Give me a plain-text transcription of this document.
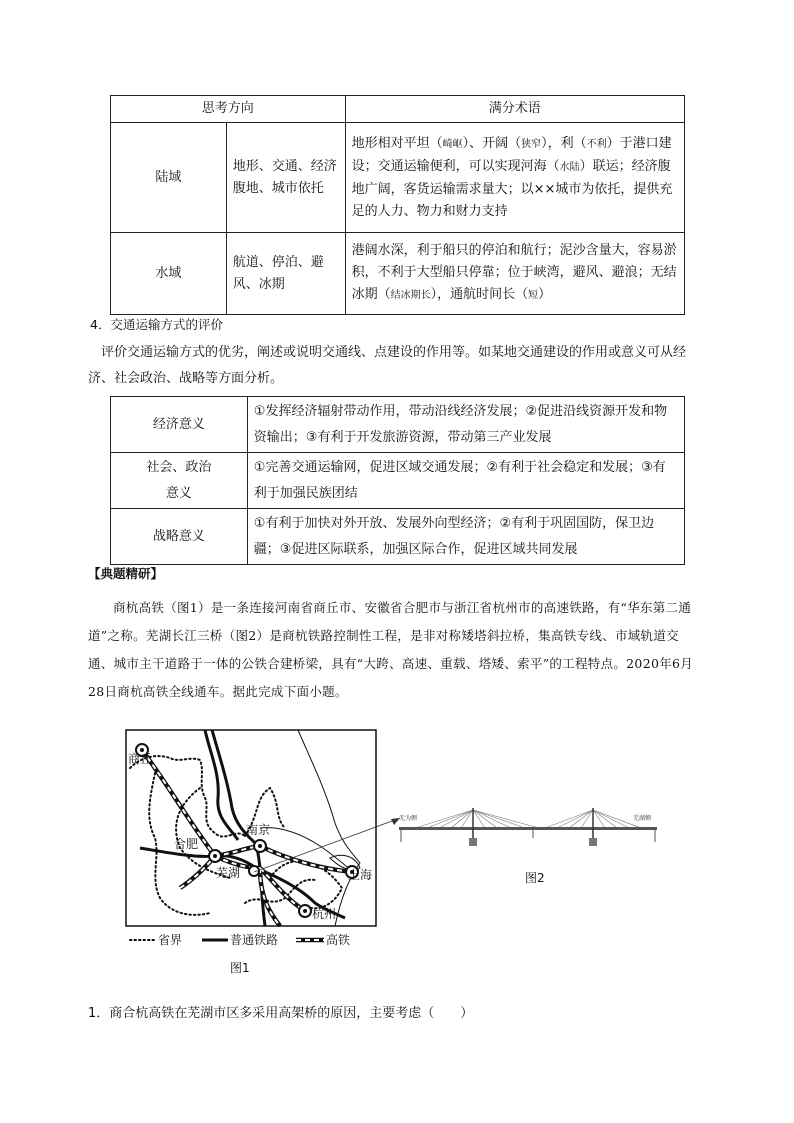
思考方向		满分术语
陆域	地形、交通、经济腹地、城市依托	地形相对平坦（崎岖）、开阔（狭窄），利（不利）于港口建设；交通运输便利，可以实现河海（水陆）联运；经济腹地广阔，客货运输需求量大；以××城市为依托，提供充足的人力、物力和财力支持
水域	航道、停泊、避风、冰期	港阔水深，利于船只的停泊和航行；泥沙含量大，容易淤积，不利于大型船只停靠；位于峡湾，避风、避浪；无结冰期（结冰期长），通航时间长（短）
4．交通运输方式的评价
评价交通运输方式的优劣，阐述或说明交通线、点建设的作用等。如某地交通建设的作用或意义可从经济、社会政治、战略等方面分析。
经济意义	①发挥经济辐射带动作用，带动沿线经济发展；②促进沿线资源开发和物资输出；③有利于开发旅游资源，带动第三产业发展

社会、政治
意义	①完善交通运输网，促进区域交通发展；②有利于社会稳定和发展；③有利于加强民族团结
战略意义	①有利于加快对外开放、发展外向型经济；②有利于巩固国防，保卫边疆；③促进区际联系，加强区际合作，促进区域共同发展
【典题精研】
商杭高铁（图1）是一条连接河南省商丘市、安徽省合肥市与浙江省杭州市的高速铁路，有“华东第二通道”之称。芜湖长江三桥（图2）是商杭铁路控制性工程，是非对称矮塔斜拉桥，集高铁专线、市域轨道交通、城市主干道路于一体的公铁合建桥梁，具有“大跨、高速、重载、塔矮、索平”的工程特点。2020年6月28日商杭高铁全线通车。据此完成下面小题。
商丘
合肥
南京
芜湖	上海
杭州
省界	普通铁路	高铁
图1
无为侧	芜湖侧
图2
1．商合杭高铁在芜湖市区多采用高架桥的原因，主要考虑（　　）
